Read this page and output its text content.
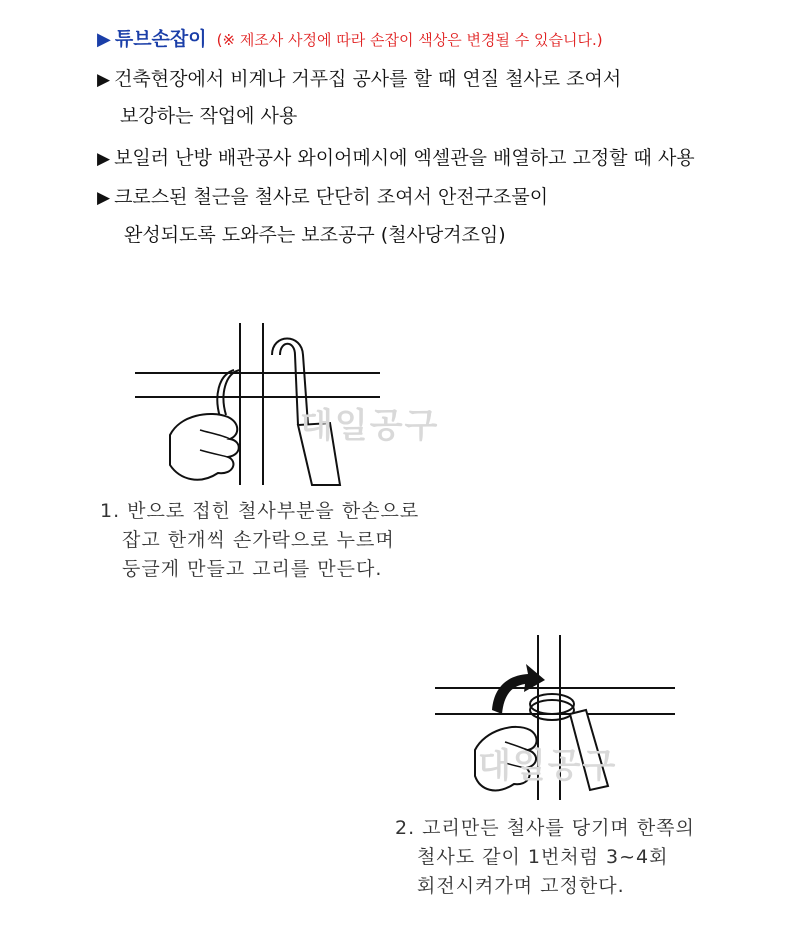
▶ 튜브손잡이 (※ 제조사 사정에 따라 손잡이 색상은 변경될 수 있습니다.)
▶ 건축현장에서 비계나 거푸집 공사를 할 때 연질 철사로 조여서
보강하는 작업에 사용
▶ 보일러 난방 배관공사 와이어메시에 엑셀관을 배열하고 고정할 때 사용
▶ 크로스된 철근을 철사로 단단히 조여서 안전구조물이
완성되도록 도와주는 보조공구 (철사당겨조임)
대일공구
1. 반으로 접힌 철사부분을 한손으로
잡고 한개씩 손가락으로 누르며
둥글게 만들고 고리를 만든다.
대일공구
2. 고리만든 철사를 당기며 한쪽의
철사도 같이 1번처럼 3~4회
회전시켜가며 고정한다.
